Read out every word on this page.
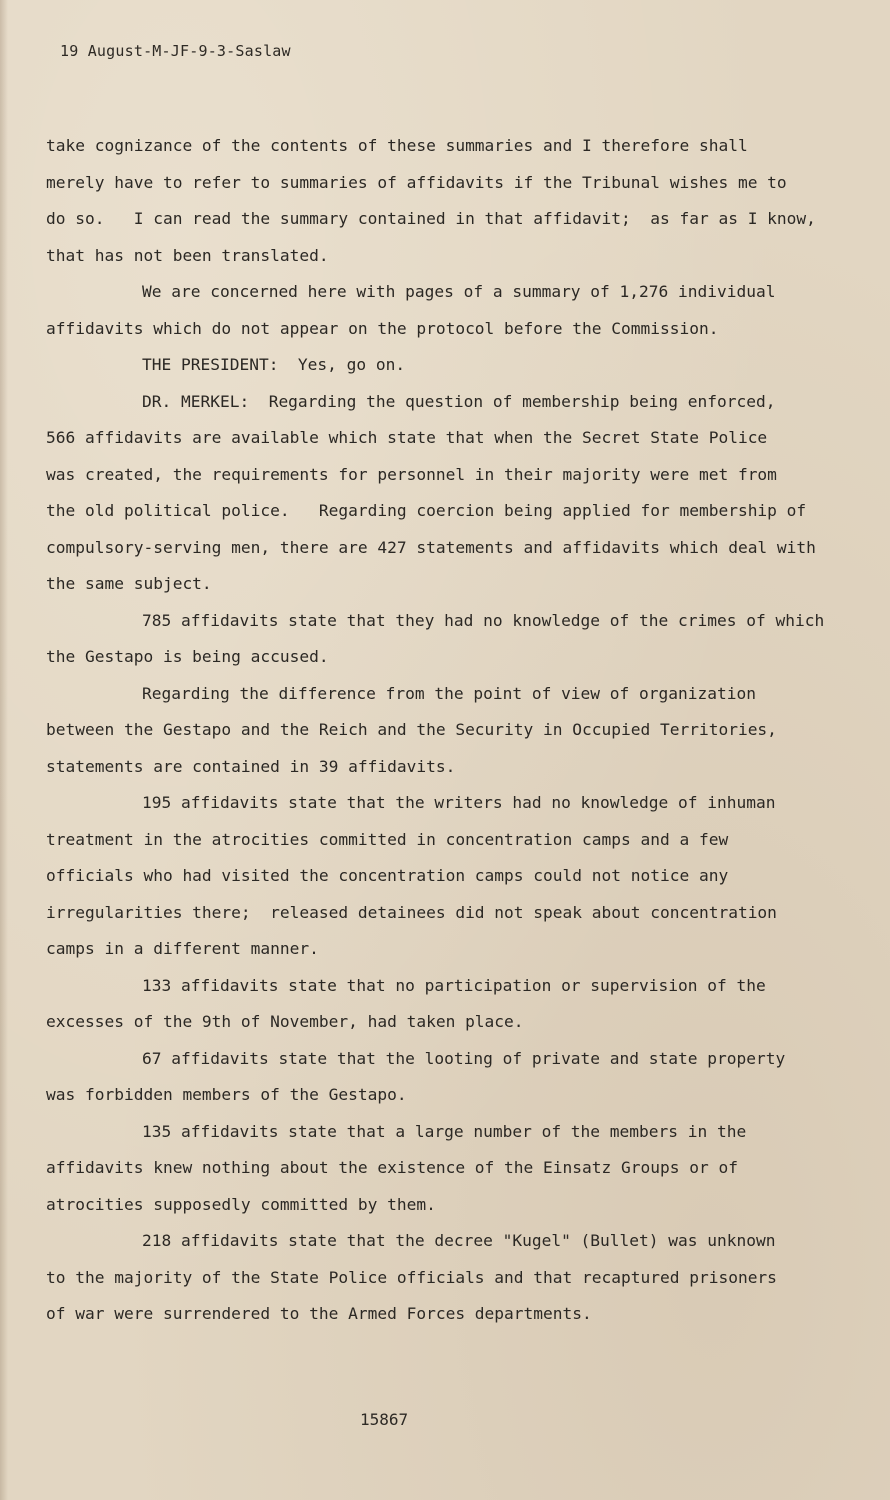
19 August-M-JF-9-3-Saslaw
take cognizance of the contents of these summaries and I therefore shall
merely have to refer to summaries of affidavits if the Tribunal wishes me to
do so.   I can read the summary contained in that affidavit;  as far as I know,
that has not been translated.
We are concerned here with pages of a summary of 1,276 individual
affidavits which do not appear on the protocol before the Commission.
THE PRESIDENT:  Yes, go on.
DR. MERKEL:  Regarding the question of membership being enforced,
566 affidavits are available which state that when the Secret State Police
was created, the requirements for personnel in their majority were met from
the old political police.   Regarding coercion being applied for membership of
compulsory-serving men, there are 427 statements and affidavits which deal with
the same subject.
785 affidavits state that they had no knowledge of the crimes of which
the Gestapo is being accused.
Regarding the difference from the point of view of organization
between the Gestapo and the Reich and the Security in Occupied Territories,
statements are contained in 39 affidavits.
195 affidavits state that the writers had no knowledge of inhuman
treatment in the atrocities committed in concentration camps and a few
officials who had visited the concentration camps could not notice any
irregularities there;  released detainees did not speak about concentration
camps in a different manner.
133 affidavits state that no participation or supervision of the
excesses of the 9th of November, had taken place.
67 affidavits state that the looting of private and state property
was forbidden members of the Gestapo.
135 affidavits state that a large number of the members in the
affidavits knew nothing about the existence of the Einsatz Groups or of
atrocities supposedly committed by them.
218 affidavits state that the decree "Kugel" (Bullet) was unknown
to the majority of the State Police officials and that recaptured prisoners
of war were surrendered to the Armed Forces departments.
15867
